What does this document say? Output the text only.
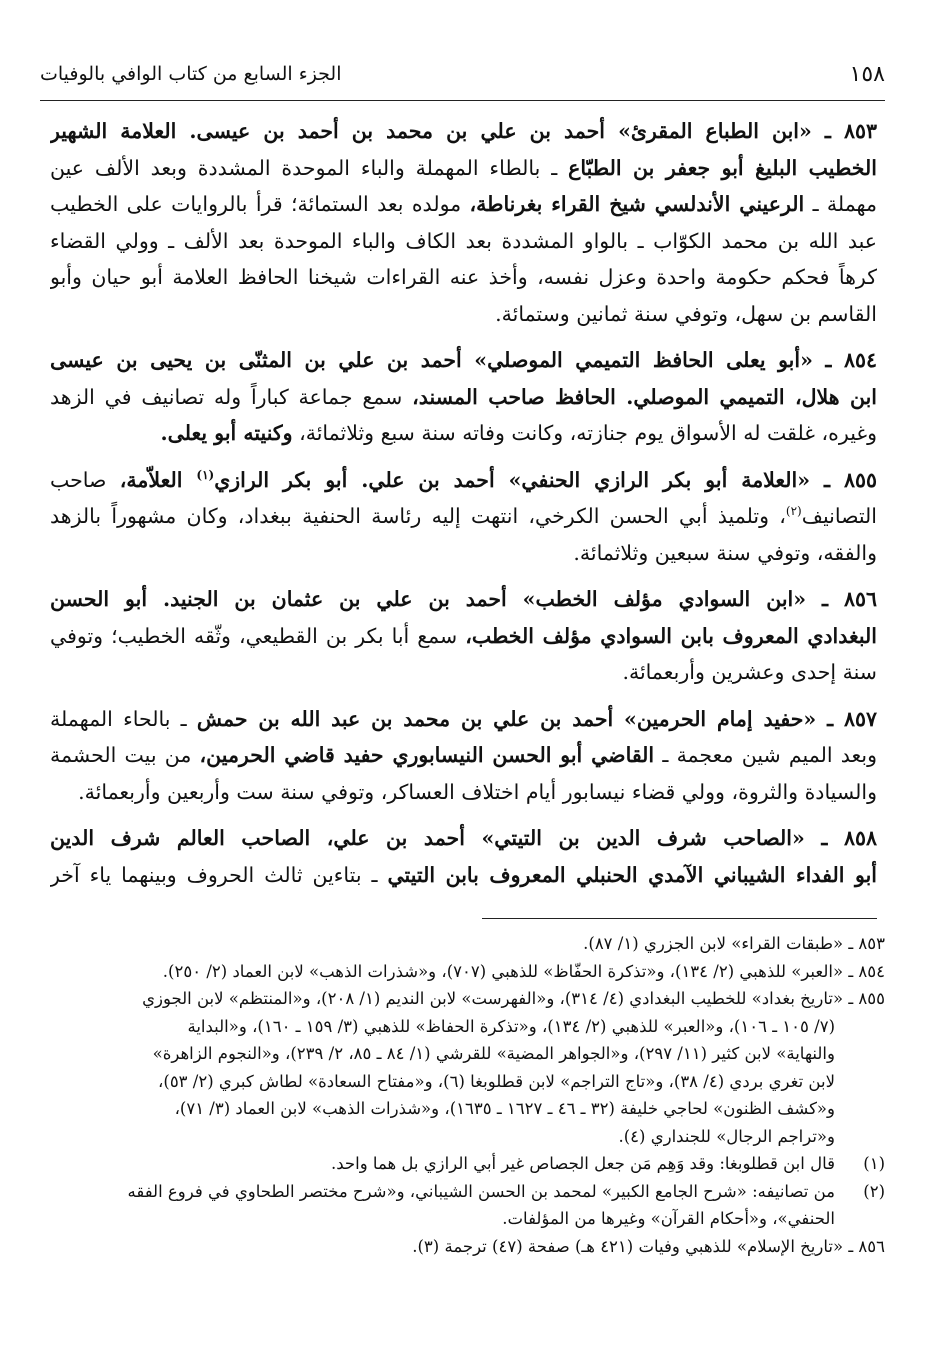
١٥٨
الجزء السابع من كتاب الوافي بالوفيات
٨٥٣ ـ «ابن الطباع المقرئ» أحمد بن علي بن محمد بن أحمد بن عيسى. العلامة الشهير
الخطيب البليغ أبو جعفر بن الطبّاع ـ بالطاء المهملة والباء الموحدة المشددة وبعد الألف عين
مهملة ـ الرعيني الأندلسي شيخ القراء بغرناطة، مولده بعد الستمائة؛ قرأ بالروايات على الخطيب
عبد الله بن محمد الكوّاب ـ بالواو المشددة بعد الكاف والباء الموحدة بعد الألف ـ وولي القضاء
كرهاً فحكم حكومة واحدة وعزل نفسه، وأخذ عنه القراءات شيخنا الحافظ العلامة أبو حيان وأبو
القاسم بن سهل، وتوفي سنة ثمانين وستمائة.
٨٥٤ ـ «أبو يعلى الحافظ التميمي الموصلي» أحمد بن علي بن المثنّى بن يحيى بن عيسى
ابن هلال، التميمي الموصلي. الحافظ صاحب المسند، سمع جماعة كباراً وله تصانيف في الزهد
وغيره، غلقت له الأسواق يوم جنازته، وكانت وفاته سنة سبع وثلاثمائة، وكنيته أبو يعلى.
٨٥٥ ـ «العلامة أبو بكر الرازي الحنفي» أحمد بن علي. أبو بكر الرازي$^{(١)}$ العلاّمة، صاحب
التصانيف$^{(٢)}$، وتلميذ أبي الحسن الكرخي، انتهت إليه رئاسة الحنفية ببغداد، وكان مشهوراً بالزهد
والفقه، وتوفي سنة سبعين وثلاثمائة.
٨٥٦ ـ «ابن السوادي مؤلف الخطب» أحمد بن علي بن عثمان بن الجنيد. أبو الحسن
البغدادي المعروف بابن السوادي مؤلف الخطب، سمع أبا بكر بن القطيعي، وثّقه الخطيب؛ وتوفي
سنة إحدى وعشرين وأربعمائة.
٨٥٧ ـ «حفيد إمام الحرمين» أحمد بن علي بن محمد بن عبد الله بن حمش ـ بالحاء المهملة
وبعد الميم شين معجمة ـ القاضي أبو الحسن النيسابوري حفيد قاضي الحرمين، من بيت الحشمة
والسيادة والثروة، وولي قضاء نيسابور أيام اختلاف العساكر، وتوفي سنة ست وأربعين وأربعمائة.
٨٥٨ ـ «الصاحب شرف الدين بن التيتي» أحمد بن علي، الصاحب العالم شرف الدين
أبو الفداء الشيباني الآمدي الحنبلي المعروف بابن التيتي ـ بتاءين ثالث الحروف وبينهما ياء آخر
٨٥٣ ـ «طبقات القراء» لابن الجزري (١/ ٨٧).
٨٥٤ ـ «العبر» للذهبي (٢/ ١٣٤)، و«تذكرة الحفّاظ» للذهبي (٧٠٧)، و«شذرات الذهب» لابن العماد (٢/ ٢٥٠).
٨٥٥ ـ «تاريخ بغداد» للخطيب البغدادي (٤/ ٣١٤)، و«الفهرست» لابن النديم (١/ ٢٠٨)، و«المنتظم» لابن الجوزي
(٧/ ١٠٥ ـ ١٠٦)، و«العبر» للذهبي (٢/ ١٣٤)، و«تذكرة الحفاظ» للذهبي (٣/ ١٥٩ ـ ١٦٠)، و«البداية
والنهاية» لابن كثير (١١/ ٢٩٧)، و«الجواهر المضية» للقرشي (١/ ٨٤ ـ ٨٥، ٢/ ٢٣٩)، و«النجوم الزاهرة»
لابن تغري بردي (٤/ ٣٨)، و«تاج التراجم» لابن قطلوبغا (٦)، و«مفتاح السعادة» لطاش كبري (٢/ ٥٣)،
و«كشف الظنون» لحاجي خليفة (٣٢ ـ ٤٦ ـ ١٦٢٧ ـ ١٦٣٥)، و«شذرات الذهب» لابن العماد (٣/ ٧١)،
و«تراجم الرجال» للجنداري (٤).
(١)قال ابن قطلوبغا: وقد وَهِم مَن جعل الجصاص غير أبي الرازي بل هما واحد.
(٢)من تصانيفه: «شرح الجامع الكبير» لمحمد بن الحسن الشيباني، و«شرح مختصر الطحاوي في فروع الفقه
الحنفي»، و«أحكام القرآن» وغيرها من المؤلفات.
٨٥٦ ـ «تاريخ الإسلام» للذهبي وفيات (٤٢١ هـ) صفحة (٤٧) ترجمة (٣).
